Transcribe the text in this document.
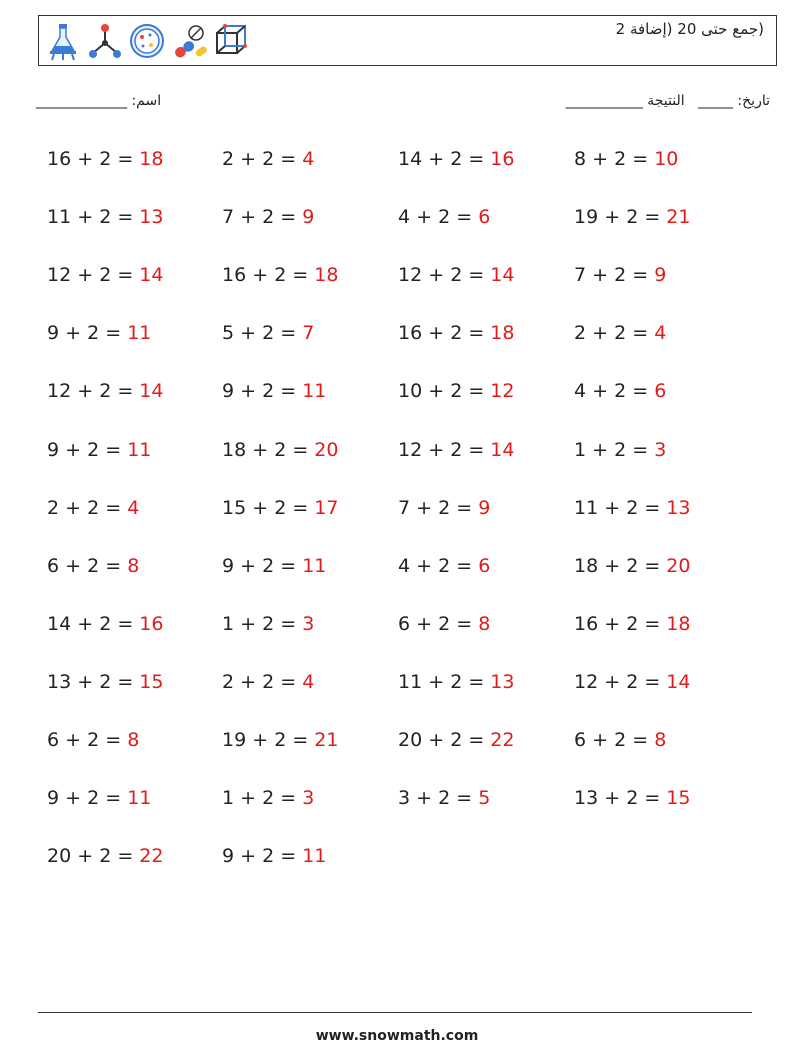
(جمع حتى 20 (إضافة 2
اسم: _____________	تاريخ: _____   النتيجة ___________
16 + 2 = 18
11 + 2 = 13
12 + 2 = 14
9 + 2 = 11
12 + 2 = 14
9 + 2 = 11
2 + 2 = 4
6 + 2 = 8
14 + 2 = 16
13 + 2 = 15
6 + 2 = 8
9 + 2 = 11
20 + 2 = 22
2 + 2 = 4
7 + 2 = 9
16 + 2 = 18
5 + 2 = 7
9 + 2 = 11
18 + 2 = 20
15 + 2 = 17
9 + 2 = 11
1 + 2 = 3
2 + 2 = 4
19 + 2 = 21
1 + 2 = 3
9 + 2 = 11
14 + 2 = 16
4 + 2 = 6
12 + 2 = 14
16 + 2 = 18
10 + 2 = 12
12 + 2 = 14
7 + 2 = 9
4 + 2 = 6
6 + 2 = 8
11 + 2 = 13
20 + 2 = 22
3 + 2 = 5
8 + 2 = 10
19 + 2 = 21
7 + 2 = 9
2 + 2 = 4
4 + 2 = 6
1 + 2 = 3
11 + 2 = 13
18 + 2 = 20
16 + 2 = 18
12 + 2 = 14
6 + 2 = 8
13 + 2 = 15
www.snowmath.com
